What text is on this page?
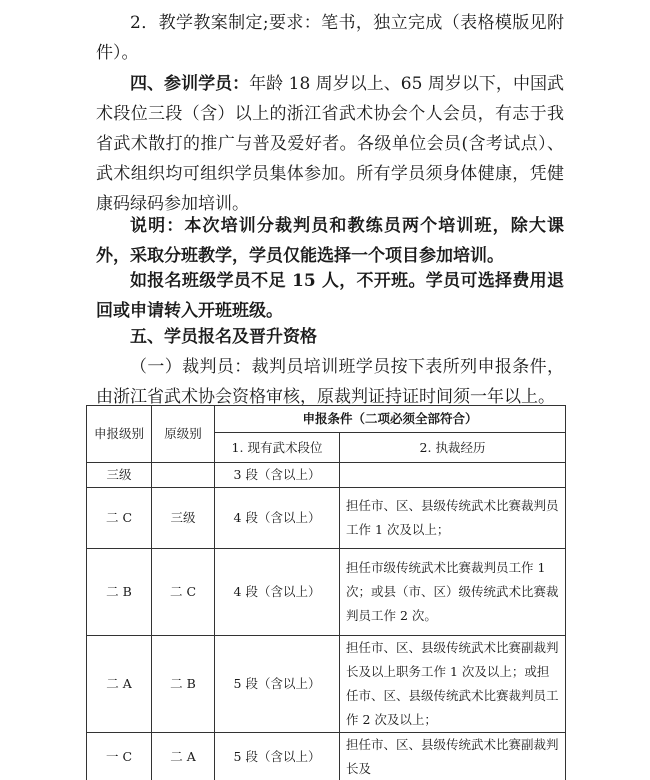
2．教学教案制定;要求：笔书，独立完成（表格模版见附件）。

四、参训学员：年龄 18 周岁以上、65 周岁以下，中国武术段位三段（含）以上的浙江省武术协会个人会员，有志于我省武术散打的推广与普及爱好者。各级单位会员(含考试点）、武术组织均可组织学员集体参加。所有学员须身体健康，凭健康码绿码参加培训。

说明：本次培训分裁判员和教练员两个培训班，除大课外，采取分班教学，学员仅能选择一个项目参加培训。

如报名班级学员不足 15 人，不开班。学员可选择费用退回或申请转入开班班级。

五、学员报名及晋升资格

（一）裁判员：裁判员培训班学员按下表所列申报条件，由浙江省武术协会资格审核，原裁判证持证时间须一年以上。

申报级别	原级别	申报条件（二项必须全部符合）	
		1. 现有武术段位	2. 执裁经历
三级		3 段（含以上）	
二 C	三级	4 段（含以上）	担任市、区、县级传统武术比赛裁判员工作 1 次及以上；
二 B	二 C	4 段（含以上）	担任市级传统武术比赛裁判员工作 1 次；或县（市、区）级传统武术比赛裁判员工作 2 次。
二 A	二 B	5 段（含以上）	担任市、区、县级传统武术比赛副裁判长及以上职务工作 1 次及以上；或担任市、区、县级传统武术比赛裁判员工作 2 次及以上；
一 C	二 A	5 段（含以上）	担任市、区、县级传统武术比赛副裁判长及
